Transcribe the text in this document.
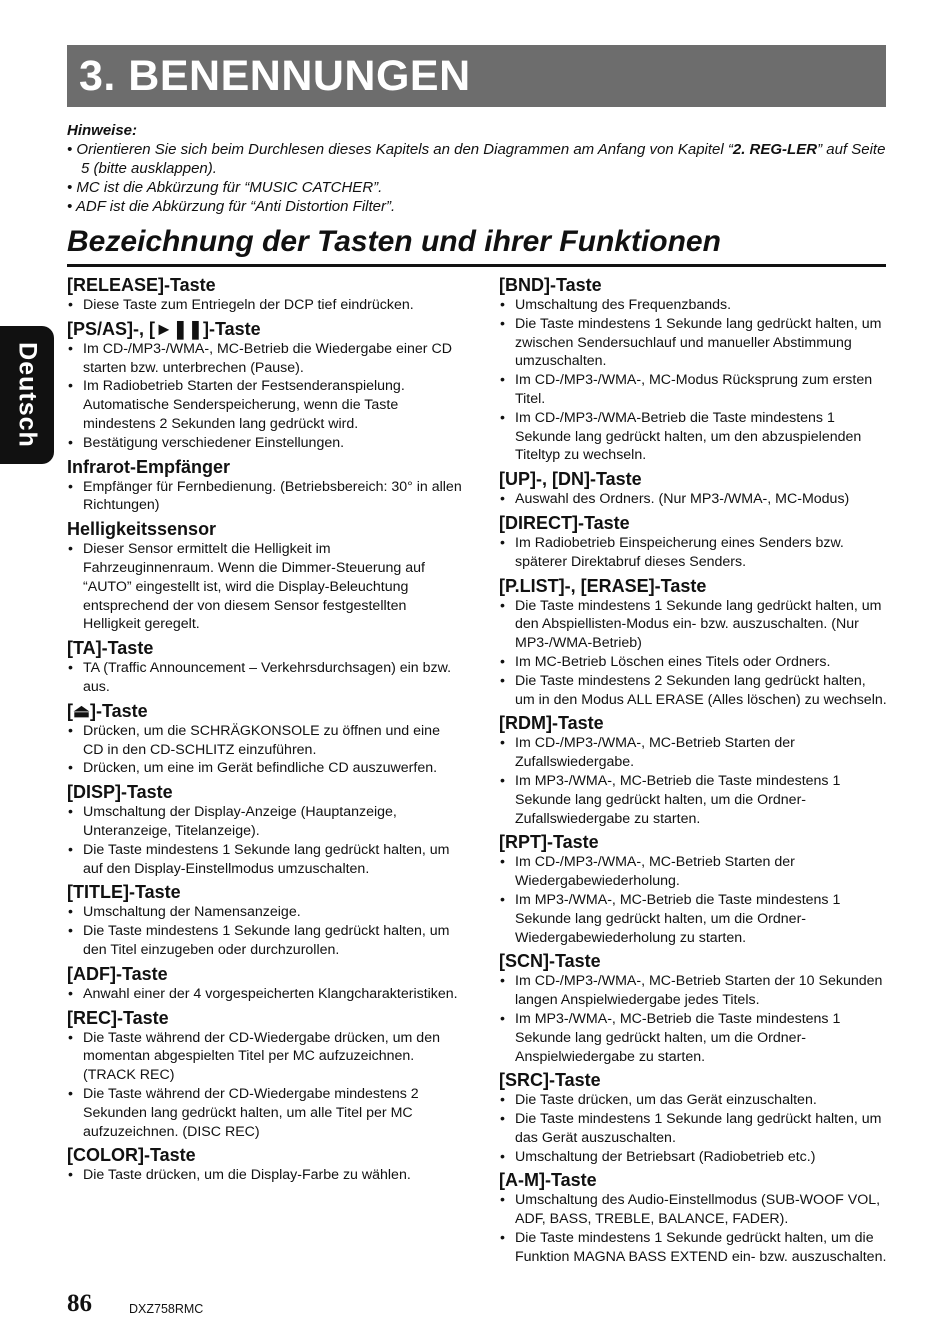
3. BENENNUNGEN
Deutsch
Hinweise:

• Orientieren Sie sich beim Durchlesen dieses Kapitels an den Diagrammen am Anfang von Kapitel “2. REG-LER” auf Seite 5 (bitte ausklappen).

• MC ist die Abkürzung für “MUSIC CATCHER”.

• ADF ist die Abkürzung für “Anti Distortion Filter”.

Bezeichnung der Tasten und ihrer Funktionen
[RELEASE]-Taste
• Diese Taste zum Entriegeln der DCP tief eindrücken.
[PS/AS]-, [►❚❚]-Taste
• Im CD-/MP3-/WMA-, MC-Betrieb die Wiedergabe einer CD starten bzw. unterbrechen (Pause).
• Im Radiobetrieb Starten der Festsenderanspielung. Automatische Senderspeicherung, wenn die Taste mindestens 2 Sekunden lang gedrückt wird.
• Bestätigung verschiedener Einstellungen.
Infrarot-Empfänger
• Empfänger für Fernbedienung. (Betriebsbereich: 30° in allen Richtungen)
Helligkeitssensor
• Dieser Sensor ermittelt die Helligkeit im Fahrzeuginnenraum. Wenn die Dimmer-Steuerung auf “AUTO” eingestellt ist, wird die Display-Beleuchtung entsprechend der von diesem Sensor festgestellten Helligkeit geregelt.
[TA]-Taste
• TA (Traffic Announcement – Verkehrsdurchsagen) ein bzw. aus.
[⏏]-Taste
• Drücken, um die SCHRÄGKONSOLE zu öffnen und eine CD in den CD-SCHLITZ einzuführen.
• Drücken, um eine im Gerät befindliche CD auszuwerfen.
[DISP]-Taste
• Umschaltung der Display-Anzeige (Hauptanzeige, Unteranzeige, Titelanzeige).
• Die Taste mindestens 1 Sekunde lang gedrückt halten, um auf den Display-Einstellmodus umzuschalten.
[TITLE]-Taste
• Umschaltung der Namensanzeige.
• Die Taste mindestens 1 Sekunde lang gedrückt halten, um den Titel einzugeben oder durchzurollen.
[ADF]-Taste
• Anwahl einer der 4 vorgespeicherten Klangcharakteristiken.
[REC]-Taste
• Die Taste während der CD-Wiedergabe drücken, um den momentan abgespielten Titel per MC aufzuzeichnen. (TRACK REC)
• Die Taste während der CD-Wiedergabe mindestens 2 Sekunden lang gedrückt halten, um alle Titel per MC aufzuzeichnen. (DISC REC)
[COLOR]-Taste
• Die Taste drücken, um die Display-Farbe zu wählen.
[BND]-Taste
• Umschaltung des Frequenzbands.
• Die Taste mindestens 1 Sekunde lang gedrückt halten, um zwischen Sendersuchlauf und manueller Abstimmung umzuschalten.
• Im CD-/MP3-/WMA-, MC-Modus Rücksprung zum ersten Titel.
• Im CD-/MP3-/WMA-Betrieb die Taste mindestens 1 Sekunde lang gedrückt halten, um den abzuspielenden Titeltyp zu wechseln.
[UP]-, [DN]-Taste
• Auswahl des Ordners. (Nur MP3-/WMA-, MC-Modus)
[DIRECT]-Taste
• Im Radiobetrieb Einspeicherung eines Senders bzw. späterer Direktabruf dieses Senders.
[P.LIST]-, [ERASE]-Taste
• Die Taste mindestens 1 Sekunde lang gedrückt halten, um den Abspiellisten-Modus ein- bzw. auszuschalten. (Nur MP3-/WMA-Betrieb)
• Im MC-Betrieb Löschen eines Titels oder Ordners.
• Die Taste mindestens 2 Sekunden lang gedrückt halten, um in den Modus ALL ERASE (Alles löschen) zu wechseln.
[RDM]-Taste
• Im CD-/MP3-/WMA-, MC-Betrieb Starten der Zufallswiedergabe.
• Im MP3-/WMA-, MC-Betrieb die Taste mindestens 1 Sekunde lang gedrückt halten, um die Ordner-Zufallswiedergabe zu starten.
[RPT]-Taste
• Im CD-/MP3-/WMA-, MC-Betrieb Starten der Wiedergabewiederholung.
• Im MP3-/WMA-, MC-Betrieb die Taste mindestens 1 Sekunde lang gedrückt halten, um die Ordner-Wiedergabewiederholung zu starten.
[SCN]-Taste
• Im CD-/MP3-/WMA-, MC-Betrieb Starten der 10 Sekunden langen Anspielwiedergabe jedes Titels.
• Im MP3-/WMA-, MC-Betrieb die Taste mindestens 1 Sekunde lang gedrückt halten, um die Ordner-Anspielwiedergabe zu starten.
[SRC]-Taste
• Die Taste drücken, um das Gerät einzuschalten.
• Die Taste mindestens 1 Sekunde lang gedrückt halten, um das Gerät auszuschalten.
• Umschaltung der Betriebsart (Radiobetrieb etc.)
[A-M]-Taste
• Umschaltung des Audio-Einstellmodus (SUB-WOOF VOL, ADF, BASS, TREBLE, BALANCE, FADER).
• Die Taste mindestens 1 Sekunde gedrückt halten, um die Funktion MAGNA BASS EXTEND ein- bzw. auszuschalten.
86	DXZ758RMC
